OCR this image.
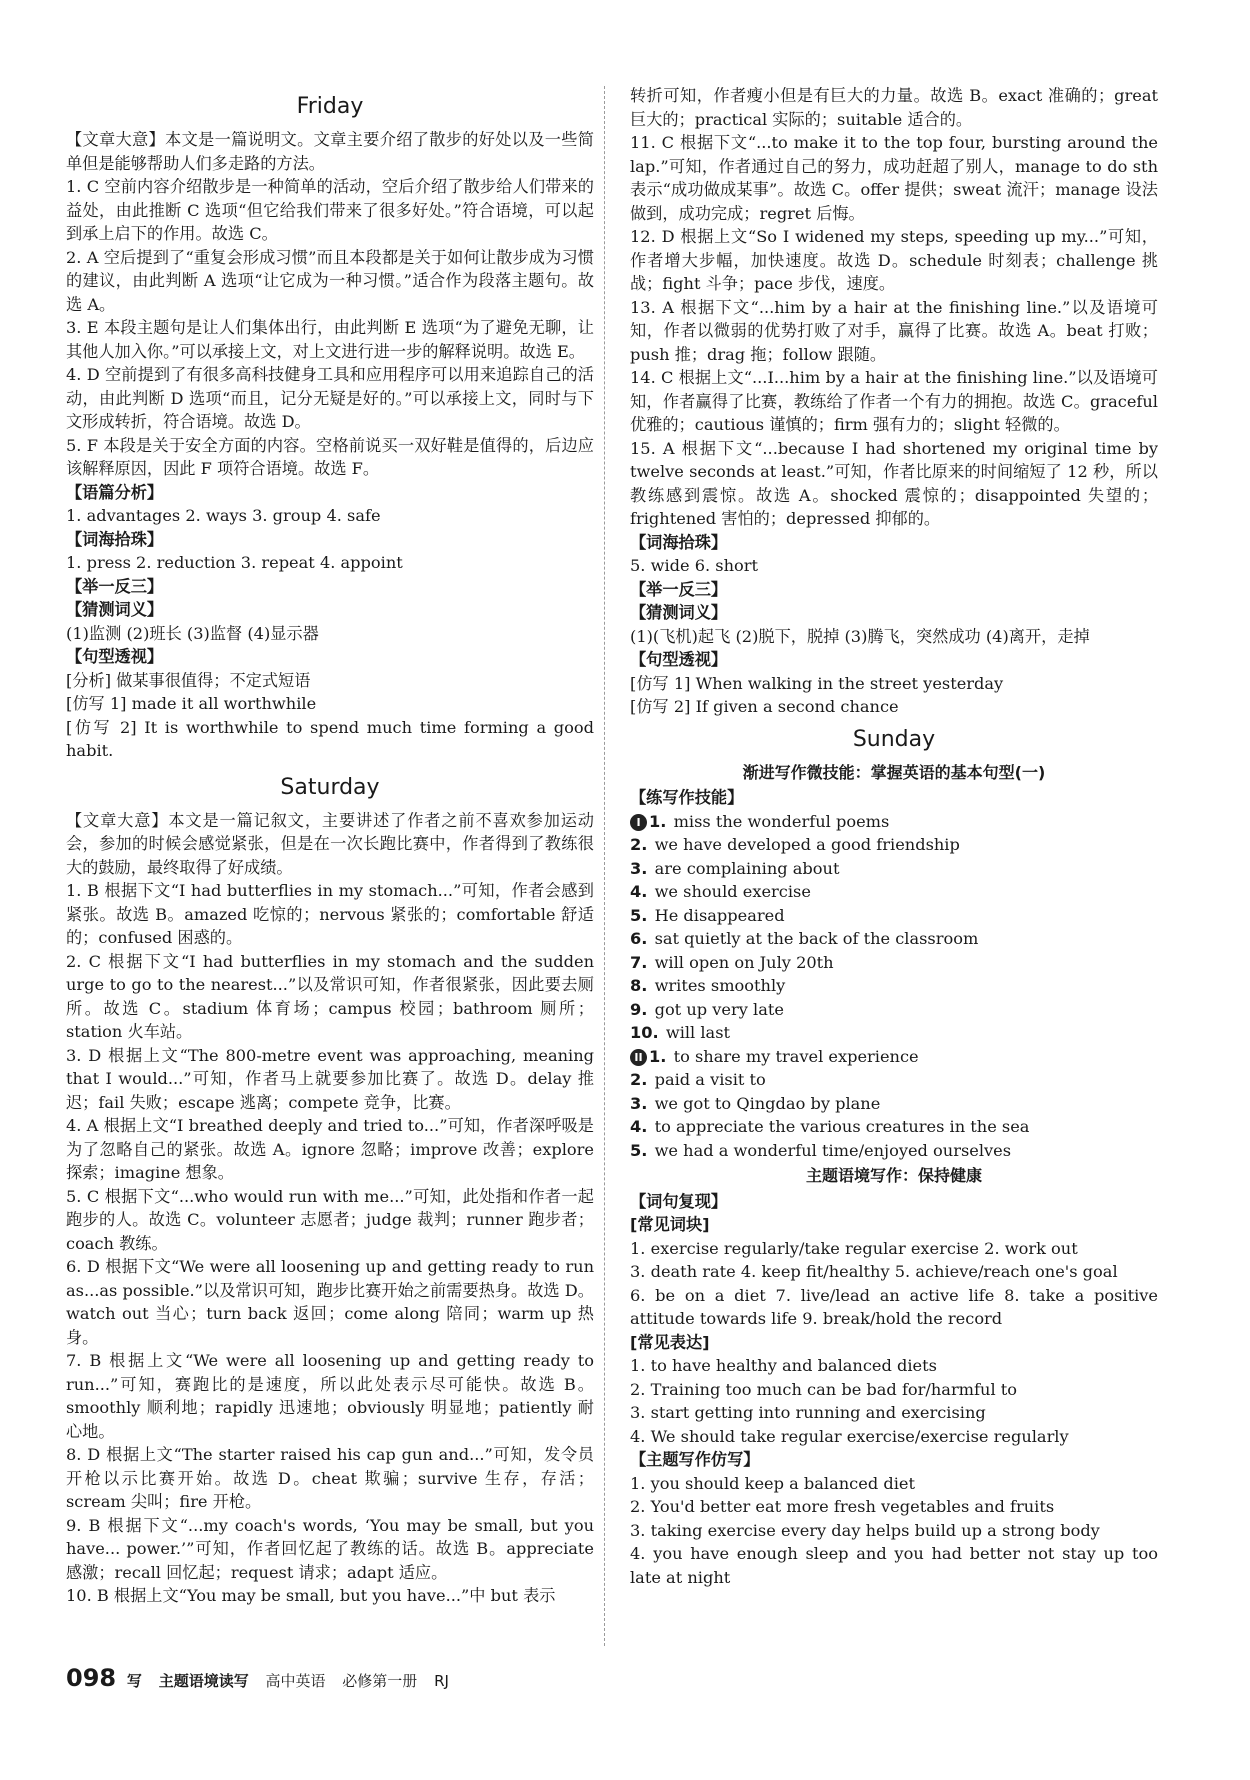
Friday

【文章大意】本文是一篇说明文。文章主要介绍了散步的好处以及一些简单但是能够帮助人们多走路的方法。

1. C 空前内容介绍散步是一种简单的活动，空后介绍了散步给人们带来的益处，由此推断 C 选项“但它给我们带来了很多好处。”符合语境，可以起到承上启下的作用。故选 C。

2. A 空后提到了“重复会形成习惯”而且本段都是关于如何让散步成为习惯的建议，由此判断 A 选项“让它成为一种习惯。”适合作为段落主题句。故选 A。

3. E 本段主题句是让人们集体出行，由此判断 E 选项“为了避免无聊，让其他人加入你。”可以承接上文，对上文进行进一步的解释说明。故选 E。

4. D 空前提到了有很多高科技健身工具和应用程序可以用来追踪自己的活动，由此判断 D 选项“而且，记分无疑是好的。”可以承接上文，同时与下文形成转折，符合语境。故选 D。

5. F 本段是关于安全方面的内容。空格前说买一双好鞋是值得的，后边应该解释原因，因此 F 项符合语境。故选 F。

【语篇分析】

1. advantages 2. ways 3. group 4. safe

【词海拾珠】

1. press 2. reduction 3. repeat 4. appoint

【举一反三】

【猜测词义】

(1)监测 (2)班长 (3)监督 (4)显示器

【句型透视】

[分析] 做某事很值得；不定式短语

[仿写 1] made it all worthwhile

[仿写 2] It is worthwhile to spend much time forming a good habit.

Saturday

【文章大意】本文是一篇记叙文，主要讲述了作者之前不喜欢参加运动会，参加的时候会感觉紧张，但是在一次长跑比赛中，作者得到了教练很大的鼓励，最终取得了好成绩。

1. B 根据下文“I had butterflies in my stomach...”可知，作者会感到紧张。故选 B。amazed 吃惊的；nervous 紧张的；comfortable 舒适的；confused 困惑的。

2. C 根据下文“I had butterflies in my stomach and the sudden urge to go to the nearest...”以及常识可知，作者很紧张，因此要去厕所。故选 C。stadium 体育场；campus 校园；bathroom 厕所；station 火车站。

3. D 根据上文“The 800-metre event was approaching, meaning that I would...”可知，作者马上就要参加比赛了。故选 D。delay 推迟；fail 失败；escape 逃离；compete 竞争，比赛。

4. A 根据上文“I breathed deeply and tried to...”可知，作者深呼吸是为了忽略自己的紧张。故选 A。ignore 忽略；improve 改善；explore 探索；imagine 想象。

5. C 根据下文“...who would run with me...”可知，此处指和作者一起跑步的人。故选 C。volunteer 志愿者；judge 裁判；runner 跑步者；coach 教练。

6. D 根据下文“We were all loosening up and getting ready to run as...as possible.”以及常识可知，跑步比赛开始之前需要热身。故选 D。watch out 当心；turn back 返回；come along 陪同；warm up 热身。

7. B 根据上文“We were all loosening up and getting ready to run...”可知，赛跑比的是速度，所以此处表示尽可能快。故选 B。smoothly 顺利地；rapidly 迅速地；obviously 明显地；patiently 耐心地。

8. D 根据上文“The starter raised his cap gun and...”可知，发令员开枪以示比赛开始。故选 D。cheat 欺骗；survive 生存，存活；scream 尖叫；fire 开枪。

9. B 根据下文“...my coach's words, ‘You may be small, but you have... power.’”可知，作者回忆起了教练的话。故选 B。appreciate 感激；recall 回忆起；request 请求；adapt 适应。

10. B 根据上文“You may be small, but you have...”中 but 表示

转折可知，作者瘦小但是有巨大的力量。故选 B。exact 准确的；great 巨大的；practical 实际的；suitable 适合的。

11. C 根据下文“...to make it to the top four, bursting around the lap.”可知，作者通过自己的努力，成功赶超了别人，manage to do sth 表示“成功做成某事”。故选 C。offer 提供；sweat 流汗；manage 设法做到，成功完成；regret 后悔。

12. D 根据上文“So I widened my steps, speeding up my...”可知，作者增大步幅，加快速度。故选 D。schedule 时刻表；challenge 挑战；fight 斗争；pace 步伐，速度。

13. A 根据下文“...him by a hair at the finishing line.”以及语境可知，作者以微弱的优势打败了对手，赢得了比赛。故选 A。beat 打败；push 推；drag 拖；follow 跟随。

14. C 根据上文“...I...him by a hair at the finishing line.”以及语境可知，作者赢得了比赛，教练给了作者一个有力的拥抱。故选 C。graceful 优雅的；cautious 谨慎的；firm 强有力的；slight 轻微的。

15. A 根据下文“...because I had shortened my original time by twelve seconds at least.”可知，作者比原来的时间缩短了 12 秒，所以教练感到震惊。故选 A。shocked 震惊的；disappointed 失望的；frightened 害怕的；depressed 抑郁的。

【词海拾珠】

5. wide 6. short

【举一反三】

【猜测词义】

(1)(飞机)起飞 (2)脱下，脱掉 (3)腾飞，突然成功 (4)离开，走掉

【句型透视】

[仿写 1] When walking in the street yesterday

[仿写 2] If given a second chance

Sunday
渐进写作微技能：掌握英语的基本句型(一)

【练写作技能】

I 1. miss the wonderful poems

2. we have developed a good friendship

3. are complaining about

4. we should exercise

5. He disappeared

6. sat quietly at the back of the classroom

7. will open on July 20th

8. writes smoothly

9. got up very late

10. will last

II 1. to share my travel experience

2. paid a visit to

3. we got to Qingdao by plane

4. to appreciate the various creatures in the sea

5. we had a wonderful time/enjoyed ourselves

主题语境写作：保持健康

【词句复现】

[常见词块]

1. exercise regularly/take regular exercise 2. work out

3. death rate 4. keep fit/healthy 5. achieve/reach one's goal

6. be on a diet 7. live/lead an active life 8. take a positive attitude towards life 9. break/hold the record

[常见表达]

1. to have healthy and balanced diets

2. Training too much can be bad for/harmful to

3. start getting into running and exercising

4. We should take regular exercise/exercise regularly

【主题写作仿写】

1. you should keep a balanced diet

2. You'd better eat more fresh vegetables and fruits

3. taking exercise every day helps build up a strong body

4. you have enough sleep and you had better not stay up too late at night

098 写 主题语境读写 高中英语 必修第一册 RJ
